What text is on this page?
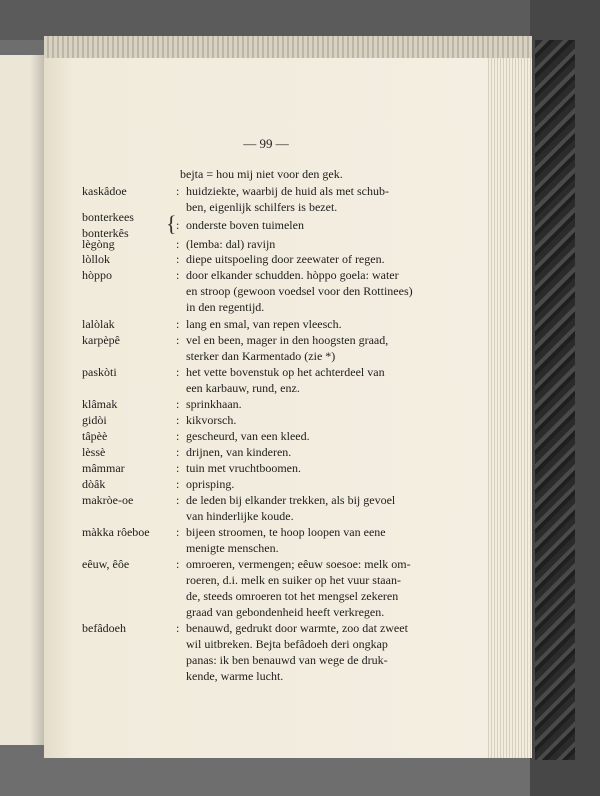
— 99 —
bejta = hou mij niet voor den gek.
kaskâdoe	: huidziekte, waarbij de huid als met schub-
ben, eigenlijk schilfers is bezet.
bonterkees
bonterkês { : onderste boven tuimelen
lègòng	: (lemba: dal) ravijn
lòllok	: diepe uitspoeling door zeewater of regen.
hòppo	: door elkander schudden. hòppo goela: water
en stroop (gewoon voedsel voor den Rottinees)
in den regentijd.
lalòlak	: lang en smal, van repen vleesch.
karpèpê	: vel en been, mager in den hoogsten graad,
sterker dan Karmentado (zie *)
paskòti	: het vette bovenstuk op het achterdeel van
een karbauw, rund, enz.
klâmak	: sprinkhaan.
gidòi	: kikvorsch.
tâpèè	: gescheurd, van een kleed.
lèssè	: drijnen, van kinderen.
mâmmar	: tuin met vruchtboomen.
dòâk	: oprisping.
makròe-oe	: de leden bij elkander trekken, als bij gevoel
van hinderlijke koude.
màkka rôeboe	: bijeen stroomen, te hoop loopen van eene
menigte menschen.
eêuw, êôe	: omroeren, vermengen; eêuw soesoe: melk om-
roeren, d.i. melk en suiker op het vuur staan-
de, steeds omroeren tot het mengsel zekeren
graad van gebondenheid heeft verkregen.
befâdoeh	: benauwd, gedrukt door warmte, zoo dat zweet
wil uitbreken. Bejta befâdoeh deri ongkap
panas: ik ben benauwd van wege de druk-
kende, warme lucht.
